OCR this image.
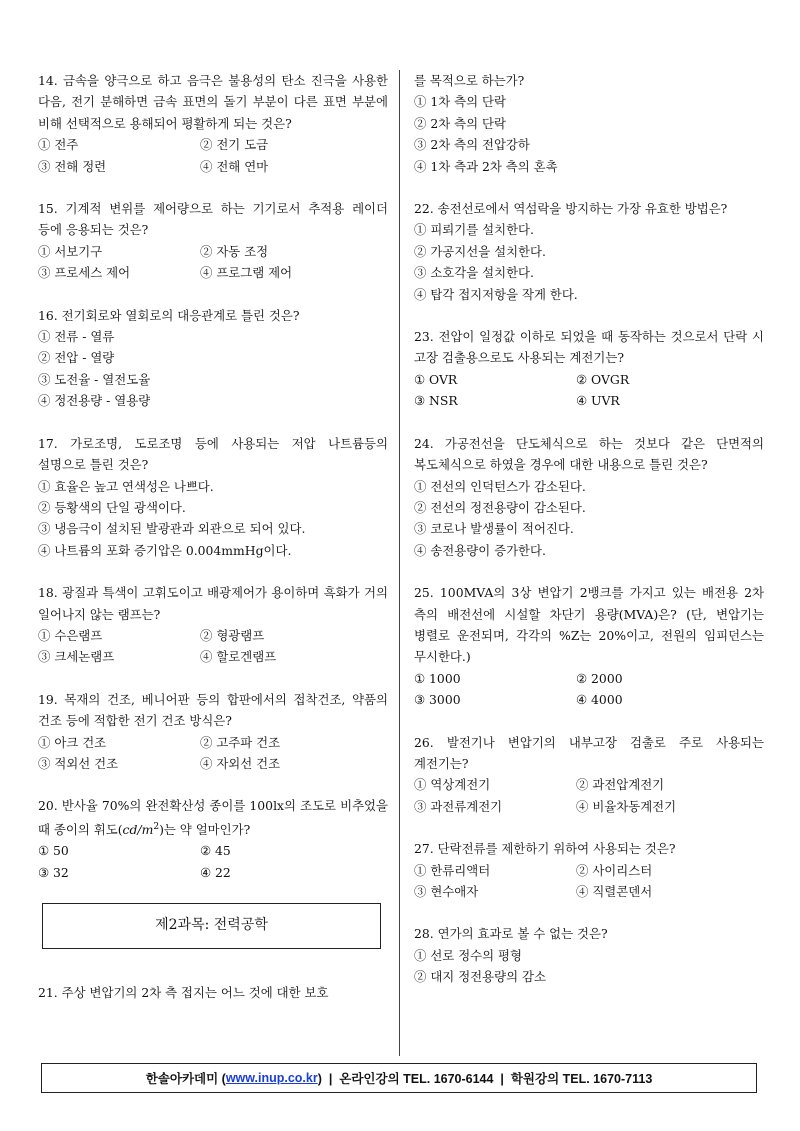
14. 금속을 양극으로 하고 음극은 불용성의 탄소 진극을 사용한 다음, 전기 분해하면 금속 표면의 돌기 부분이 다른 표면 부분에 비해 선택적으로 용해되어 평활하게 되는 것은?
① 전주	② 전기 도금
③ 전해 정련	④ 전해 연마
15. 기계적 변위를 제어량으로 하는 기기로서 추적용 레이더 등에 응용되는 것은?
① 서보기구	② 자동 조정
③ 프로세스 제어	④ 프로그램 제어
16. 전기회로와 열회로의 대응관계로 틀린 것은?
① 전류 - 열류
② 전압 - 열량
③ 도전율 - 열전도율
④ 정전용량 - 열용량
17. 가로조명, 도로조명 등에 사용되는 저압 나트륨등의 설명으로 틀린 것은?
① 효율은 높고 연색성은 나쁘다.
② 등황색의 단일 광색이다.
③ 냉음극이 설치된 발광관과 외관으로 되어 있다.
④ 나트륨의 포화 증기압은 0.004mmHg이다.
18. 광질과 특색이 고휘도이고 배광제어가 용이하며 흑화가 거의 일어나지 않는 램프는?
① 수은램프	② 형광램프
③ 크세논램프	④ 할로겐램프
19. 목재의 건조, 베니어판 등의 합판에서의 접착건조, 약품의 건조 등에 적합한 전기 건조 방식은?
① 아크 건조	② 고주파 건조
③ 적외선 건조	④ 자외선 건조
20. 반사율 70%의 완전확산성 종이를 100lx의 조도로 비추었을 때 종이의 휘도$(cd/m^2)$는 약 얼마인가?
① 50	② 45
③ 32	④ 22
제2과목: 전력공학
21. 주상 변압기의 2차 측 접지는 어느 것에 대한 보호
를 목적으로 하는가?
① 1차 측의 단락
② 2차 측의 단락
③ 2차 측의 전압강하
④ 1차 측과 2차 측의 혼촉
22. 송전선로에서 역섬락을 방지하는 가장 유효한 방법은?
① 피뢰기를 설치한다.
② 가공지선을 설치한다.
③ 소호각을 설치한다.
④ 탑각 접지저항을 작게 한다.
23. 전압이 일정값 이하로 되었을 때 동작하는 것으로서 단락 시 고장 검출용으로도 사용되는 계전기는?
① OVR	② OVGR
③ NSR	④ UVR
24. 가공전선을 단도체식으로 하는 것보다 같은 단면적의 복도체식으로 하였을 경우에 대한 내용으로 틀린 것은?
① 전선의 인덕턴스가 감소된다.
② 전선의 정전용량이 감소된다.
③ 코로나 발생률이 적어진다.
④ 송전용량이 증가한다.
25. 100MVA의 3상 변압기 2뱅크를 가지고 있는 배전용 2차 측의 배전선에 시설할 차단기 용량(MVA)은? (단, 변압기는 병렬로 운전되며, 각각의 %Z는 20%이고, 전원의 임피던스는 무시한다.)
① 1000	② 2000
③ 3000	④ 4000
26. 발전기나 변압기의 내부고장 검출로 주로 사용되는 계전기는?
① 역상계전기	② 과전압계전기
③ 과전류계전기	④ 비율차동계전기
27. 단락전류를 제한하기 위하여 사용되는 것은?
① 한류리액터	② 사이리스터
③ 현수애자	④ 직렬콘덴서
28. 연가의 효과로 볼 수 없는 것은?
① 선로 정수의 평형
② 대지 정전용량의 감소
한솔아카데미 ( www.inup.co.kr )  |  온라인강의 TEL. 1670-6144  |  학원강의 TEL. 1670-7113
